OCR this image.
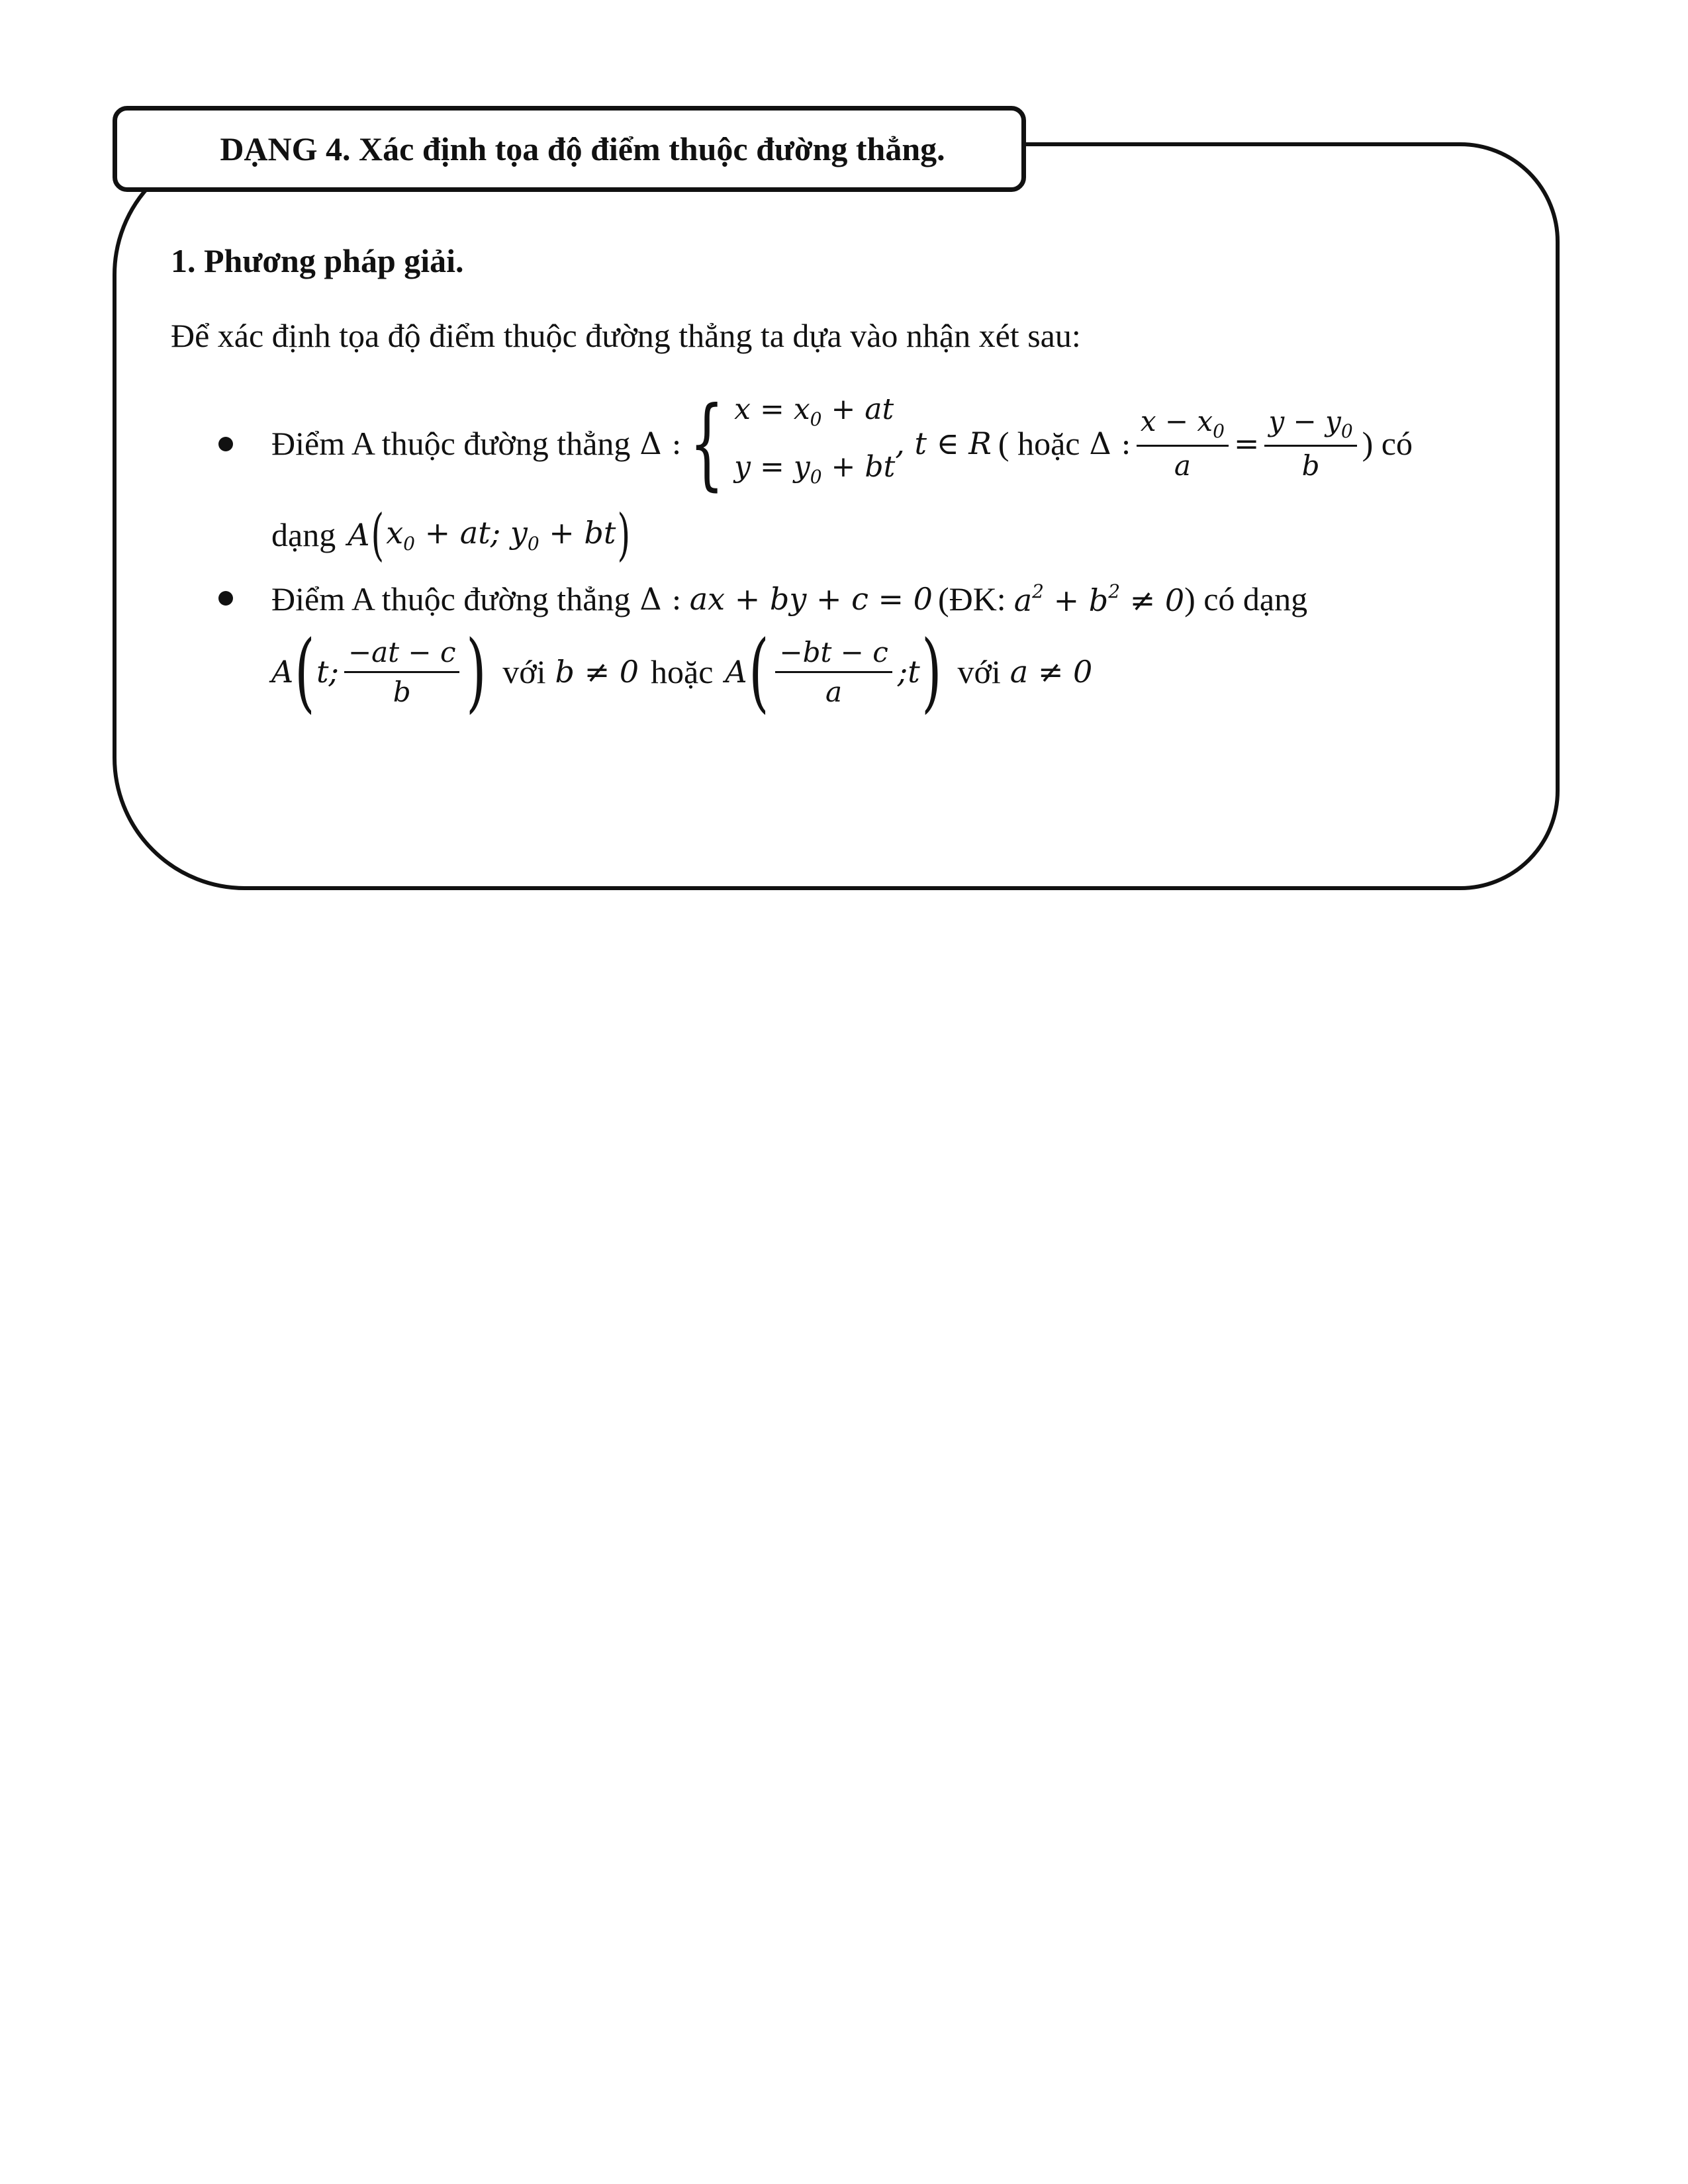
DẠNG 4. Xác định tọa độ điểm thuộc đường thẳng.
1. Phương pháp giải.
Để xác định tọa độ điểm thuộc đường thẳng ta dựa vào nhận xét sau:
Điểm A thuộc đường thẳng Δ : { $x = x_0$ + at
$y = y_0$ + bt
, t ∈ R ( hoặc Δ : $\frac{x - x_0}{a} = \frac{y - y_0}{b}$ ) có
dạng A ( $x_0$ + at; $y_0$ + bt )
Điểm A thuộc đường thẳng Δ : ax + by + c = 0 (ĐK: $a^2 + b^2 \ne 0$ ) có dạng
A ( t; $\frac{-at - c}{b}$ ) với b ≠ 0 hoặc A ( $\frac{-bt - c}{a}$ ;t ) với a ≠ 0
